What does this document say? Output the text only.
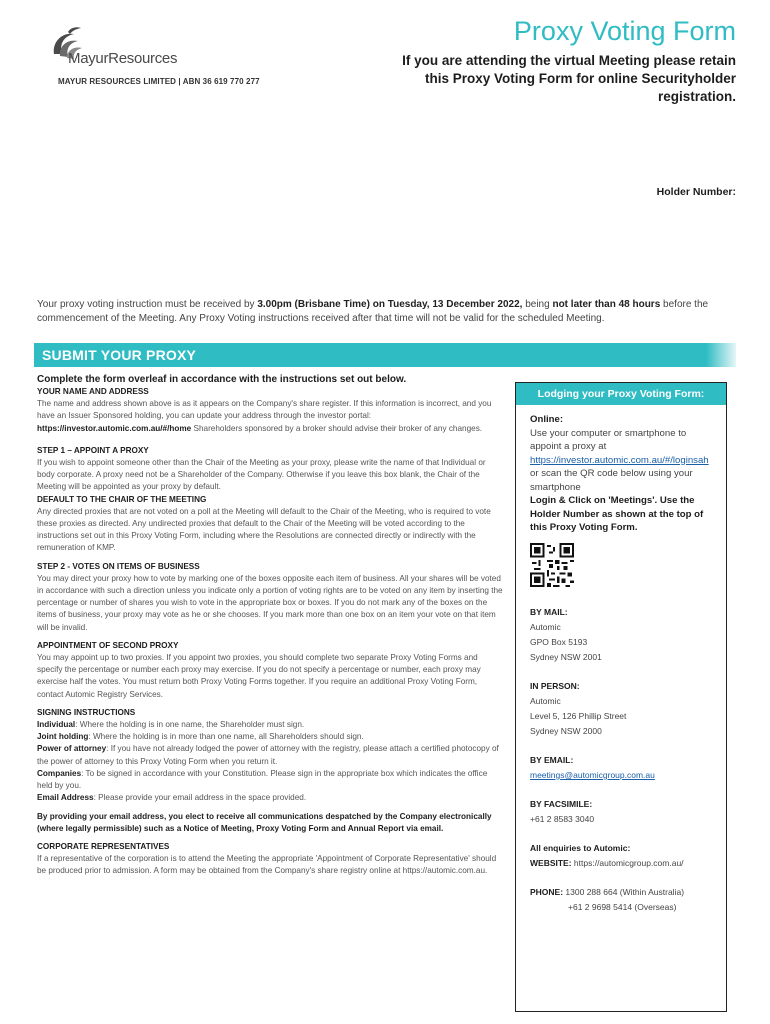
MayurResources
MAYUR RESOURCES LIMITED | ABN 36 619 770 277
Proxy Voting Form
If you are attending the virtual Meeting please retain this Proxy Voting Form for online Securityholder registration.
Holder Number:
Your proxy voting instruction must be received by 3.00pm (Brisbane Time) on Tuesday, 13 December 2022, being not later than 48 hours before the commencement of the Meeting. Any Proxy Voting instructions received after that time will not be valid for the scheduled Meeting.
SUBMIT YOUR PROXY

Complete the form overleaf in accordance with the instructions set out below.

YOUR NAME AND ADDRESS

The name and address shown above is as it appears on the Company's share register. If this information is incorrect, and you have an Issuer Sponsored holding, you can update your address through the investor portal: https://investor.automic.com.au/#/home Shareholders sponsored by a broker should advise their broker of any changes.

STEP 1 – APPOINT A PROXY

If you wish to appoint someone other than the Chair of the Meeting as your proxy, please write the name of that Individual or body corporate. A proxy need not be a Shareholder of the Company. Otherwise if you leave this box blank, the Chair of the Meeting will be appointed as your proxy by default.

DEFAULT TO THE CHAIR OF THE MEETING

Any directed proxies that are not voted on a poll at the Meeting will default to the Chair of the Meeting, who is required to vote these proxies as directed. Any undirected proxies that default to the Chair of the Meeting will be voted according to the instructions set out in this Proxy Voting Form, including where the Resolutions are connected directly or indirectly with the remuneration of KMP.

STEP 2 - VOTES ON ITEMS OF BUSINESS

You may direct your proxy how to vote by marking one of the boxes opposite each item of business. All your shares will be voted in accordance with such a direction unless you indicate only a portion of voting rights are to be voted on any item by inserting the percentage or number of shares you wish to vote in the appropriate box or boxes. If you do not mark any of the boxes on the items of business, your proxy may vote as he or she chooses. If you mark more than one box on an item your vote on that item will be invalid.

APPOINTMENT OF SECOND PROXY

You may appoint up to two proxies. If you appoint two proxies, you should complete two separate Proxy Voting Forms and specify the percentage or number each proxy may exercise. If you do not specify a percentage or number, each proxy may exercise half the votes. You must return both Proxy Voting Forms together. If you require an additional Proxy Voting Form, contact Automic Registry Services.

SIGNING INSTRUCTIONS

Individual: Where the holding is in one name, the Shareholder must sign.

Joint holding: Where the holding is in more than one name, all Shareholders should sign.

Power of attorney: If you have not already lodged the power of attorney with the registry, please attach a certified photocopy of the power of attorney to this Proxy Voting Form when you return it.

Companies: To be signed in accordance with your Constitution. Please sign in the appropriate box which indicates the office held by you.

Email Address: Please provide your email address in the space provided.

By providing your email address, you elect to receive all communications despatched by the Company electronically (where legally permissible) such as a Notice of Meeting, Proxy Voting Form and Annual Report via email.

CORPORATE REPRESENTATIVES

If a representative of the corporation is to attend the Meeting the appropriate 'Appointment of Corporate Representative' should be produced prior to admission. A form may be obtained from the Company's share registry online at https://automic.com.au.

Lodging your Proxy Voting Form:

Online:

Use your computer or smartphone to appoint a proxy at

https://investor.automic.com.au/#/loginsah

or scan the QR code below using your smartphone

Login & Click on 'Meetings'. Use the Holder Number as shown at the top of this Proxy Voting Form.

BY MAIL:

Automic

GPO Box 5193

Sydney NSW 2001

IN PERSON:

Automic

Level 5, 126 Phillip Street

Sydney NSW 2000

BY EMAIL:

meetings@automicgroup.com.au

BY FACSIMILE:

+61 2 8583 3040

All enquiries to Automic:

WEBSITE: https://automicgroup.com.au/

PHONE: 1300 288 664 (Within Australia)

+61 2 9698 5414 (Overseas)
